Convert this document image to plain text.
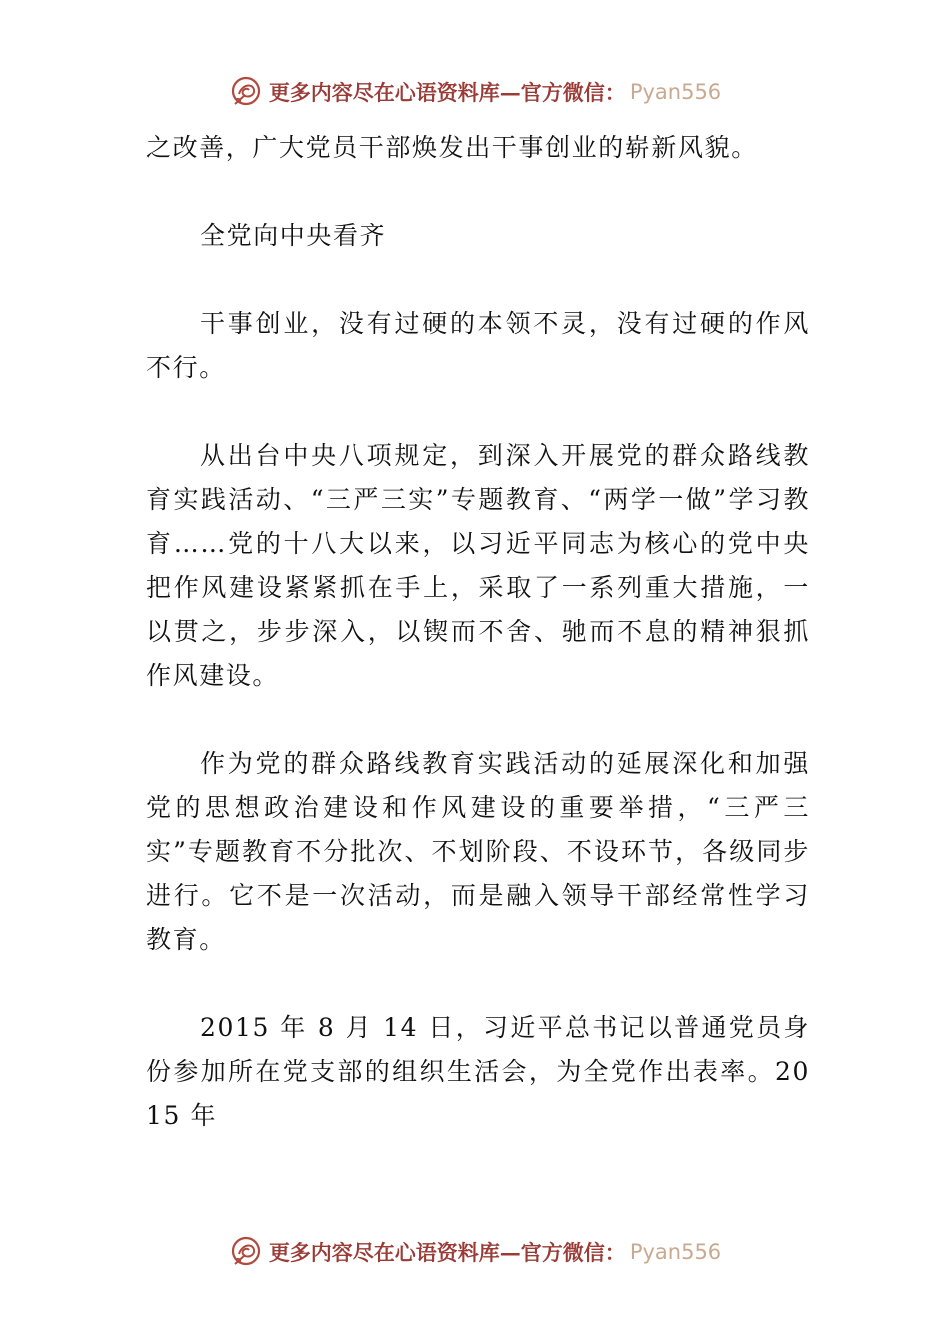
更多内容尽在心语资料库—官方微信： Pyan556

之改善，广大党员干部焕发出干事创业的崭新风貌。

全党向中央看齐

干事创业，没有过硬的本领不灵，没有过硬的作风不行。

从出台中央八项规定，到深入开展党的群众路线教育实践活动、“三严三实”专题教育、“两学一做”学习教育……党的十八大以来，以习近平同志为核心的党中央把作风建设紧紧抓在手上，采取了一系列重大措施，一以贯之，步步深入，以锲而不舍、驰而不息的精神狠抓作风建设。

作为党的群众路线教育实践活动的延展深化和加强党的思想政治建设和作风建设的重要举措，“三严三实”专题教育不分批次、不划阶段、不设环节，各级同步进行。它不是一次活动，而是融入领导干部经常性学习教育。

2015 年 8 月 14 日，习近平总书记以普通党员身份参加所在党支部的组织生活会，为全党作出表率。2015 年

更多内容尽在心语资料库—官方微信： Pyan556
